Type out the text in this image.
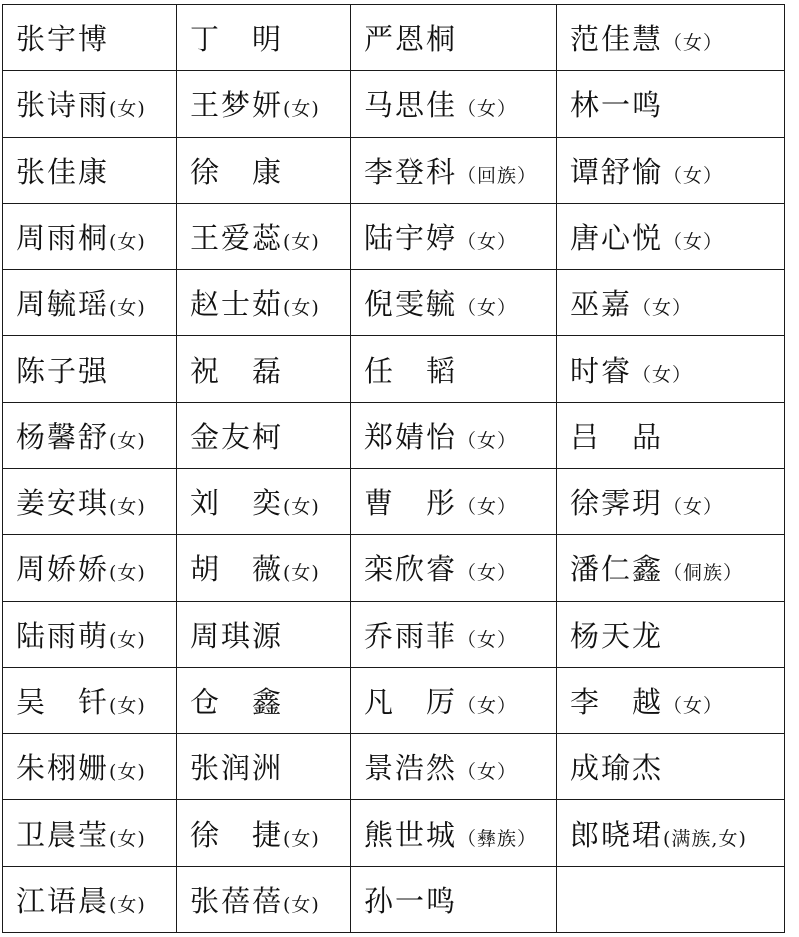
张宇博	丁　明	严恩桐	范佳慧（女）
张诗雨(女)	王梦妍(女)	马思佳（女）	林一鸣
张佳康	徐　康	李登科（回族）	谭舒愉（女）
周雨桐(女)	王爱蕊(女)	陆宇婷（女）	唐心悦（女）
周毓瑶(女)	赵士茹(女)	倪雯毓（女）	巫嘉（女）
陈子强	祝　磊	任　韬	时睿（女）
杨馨舒(女)	金友柯	郑婧怡（女）	吕　品
姜安琪(女)	刘　奕(女)	曹　彤（女）	徐霁玥（女）
周娇娇(女)	胡　薇(女)	栾欣睿（女）	潘仁鑫（侗族）
陆雨萌(女)	周琪源	乔雨菲（女）	杨天龙
吴　钎(女)	仓　鑫	凡　厉（女）	李　越（女）
朱栩姗(女)	张润洲	景浩然（女）	成瑜杰
卫晨莹(女)	徐　捷(女)	熊世城（彝族）	郎晓珺(满族,女)
江语晨(女)	张蓓蓓(女)	孙一鸣	
